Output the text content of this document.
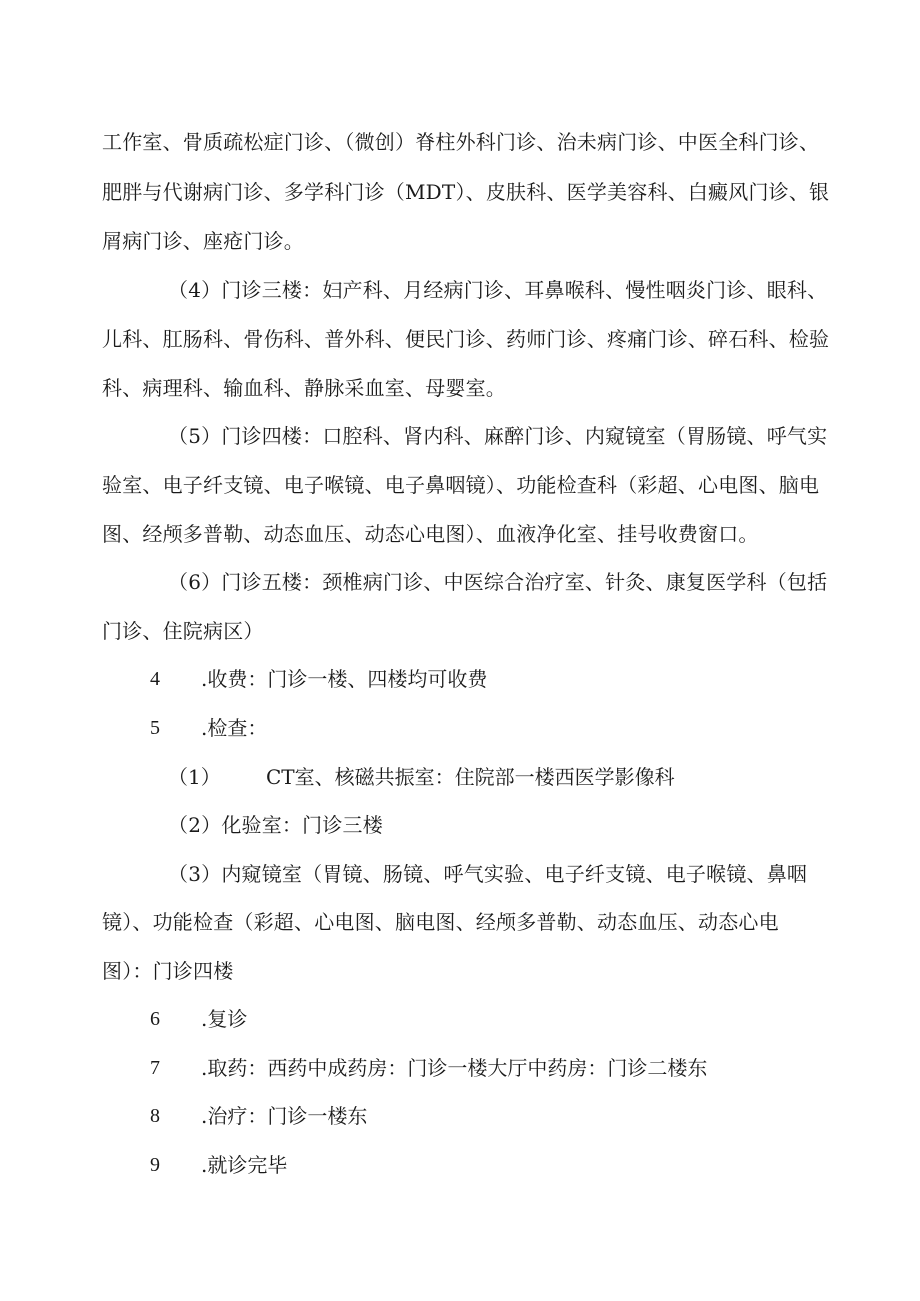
工作室、骨质疏松症门诊、（微创）脊柱外科门诊、治未病门诊、中医全科门诊、
肥胖与代谢病门诊、多学科门诊（MDT）、皮肤科、医学美容科、白癜风门诊、银
屑病门诊、座疮门诊。
（4）门诊三楼：妇产科、月经病门诊、耳鼻喉科、慢性咽炎门诊、眼科、
儿科、肛肠科、骨伤科、普外科、便民门诊、药师门诊、疼痛门诊、碎石科、检验
科、病理科、输血科、静脉采血室、母婴室。
（5）门诊四楼：口腔科、肾内科、麻醉门诊、内窥镜室（胃肠镜、呼气实
验室、电子纤支镜、电子喉镜、电子鼻咽镜）、功能检查科（彩超、心电图、脑电
图、经颅多普勒、动态血压、动态心电图）、血液净化室、挂号收费窗口。
（6）门诊五楼：颈椎病门诊、中医综合治疗室、针灸、康复医学科（包括
门诊、住院病区）
4 .收费：门诊一楼、四楼均可收费
5 .检查：
（1） CT室、核磁共振室：住院部一楼西医学影像科
（2）化验室：门诊三楼
（3）内窥镜室（胃镜、肠镜、呼气实验、电子纤支镜、电子喉镜、鼻咽
镜）、功能检查（彩超、心电图、脑电图、经颅多普勒、动态血压、动态心电
图）：门诊四楼
6 .复诊
7 .取药：西药中成药房：门诊一楼大厅中药房：门诊二楼东
8 .治疗：门诊一楼东
9 .就诊完毕
